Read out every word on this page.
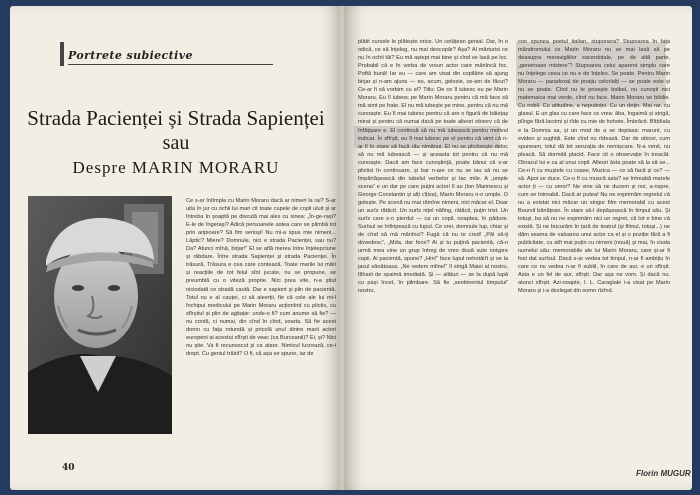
Portrete subiective
Strada Pacienței și Strada Sapienței
sau
Despre MARIN MORARU

Ce s-ar întîmpla cu Marin Moraru dacă ar nimeri la rai? S-ar uita în jur cu ochii lui mari cit toate cupele de copil uluit și ar întreba în șoaptă pe discută mai ales cu sinea: „În-ge-rași? E-le de îngerași? Adică persoanele astea care se plimbă tot prin aripioare? Să fim serioși! Nu mi-a spus mie nimeni... Lăptic? Miere? Domnule, nici e strada Pacienței, sau nu? Da? Atunci mînă, birjar!” El se află mereu între înțelepciune și răbdare. Între strada Sapienței și strada Pacienței. În trăsură. Trăsura e cea care contează. Toate marile lui mări și reacțiile de tot felul sînt jucate, nu se propune, se preumblă cu o viteză proprie. Nici prea vite, n-a știut niciodată ce stradă caută. Dar e sapiont și plin de pacientă. Totul nu e al cauței, ci să aleerții, fie că cele ale lui mi-l închipui medicului pe Marin Moraru acționînd cu plictis, cu sfîrșitul și plin de agitație: unde-o fi? cum anume să fie? — nu contă, ci numai, din cînd în cînd, soarta. Să fie acest domn cu fața rotundă și pricolă unul dintre marii actori europeni ai acestui sfîrșit de veac (ca Burceanii)? Ei, și? Nici nu știe. Va fi recunoscut și ca atare. Nimicul lucrează, ce-i drept. Cu geniul trăirii? O fi, că așa se spune, iar de

40

plătit cursele le plătește orice. Un cetățean genial. Dar, în o odică, ce să înțeleg, nu mai descopăr? Așa? Al mărturisi ce nu în ochii tăi? Eu mă aștept mai bine și cînd se lasă pe loc. Probabil că e în vorba de vreun actor care mănîncă foc. Poftă bună! Iar eu — care am visat din copilărie să ajung birjar și n-am ajuns — eu, acum, gelozie, ce-am de făcut? Ce-ar fi să vorbim cu el? Titlu: De ce îl iubesc eu pe Marin Moraru. Eu îl iubesc pe Marin Moraru pentru că mă face să mă simt pe frate. El nu mă iubește pe mine, pentru că nu mă cunoaște. Eu îl mai iubesc pentru că are o figură de băiețaș mirat și pentru că numai dacă pe toate alteori observ că de înfățișare e. El continuă să nu mă iubească pentru motivul indicat. În sfîrșit, eu îl mai iubesc pe el pentru că simt că n-ar fi în stare să facă rău nimănui. El nu se plictisește deloc să nu mă iubească — și aceasta tot pentru că nu mă cunoaște. Dacă am face cunoștință, poate bănui că s-ar plictisi în continuare, și bar n-are ce nu se iau să nu se împărtășească din tabelul verbelor și tac mile. A „umple scena” e un dar pe care puțini actori îl au (Ion Marinescu și George Constantin și alți cîțiva), Marin Moraru n-o umple. O golește. Pe scenă nu mai rămîne nimeni, nici măcar el. Doar un surîs rătăcit. Un surîs nițel nătîng, rătăcit, puțin trist. Un surîs care s-o pierdut — ca un copil, noaptea, în pădure. Surîsul se înfiripează cu lupul. Ce vrei, domnule lup, chiar și de cînd să mă mănînci? Fugă că nu te cred! „Păi să-ți dovedesc”, „Mda, dar fece? Ai și tu puțină pacientă, că-n urmă mea vine un grup întreg de vreo două sute noișpre copii. Ai pacientă, spune? „Hm!” face lupul nehotărît și se la jacul sănătoasa. „Ne vedem mîine!” îl strigă Maiei al nostru, tîlharii de spaimă imediată. Și — alături — se la după lupă cu pași încet, în pilmbare. Să fie „sentimentul timpului” nostru,

con spunea poetul italian, stuponera? Stupoarea în fața mândromului ce Marin Moraru nu se mai lasă să pe deasupra meravigliilor sacerdotale, pe de altă parte, „generoase mistere”? Stupoarea celui aparent simplu care nu înțelege ceea ce nu e de înțeles. Se poate. Pentru Marin Moraru — paradoxal de poațiu celorlalți — se poate este și nu se poate. Cînd nu te privește bolbel, nu cunoști nici matemaica mai verde, cînd nu face. Marin Moraru se bibilie. Cu nobil. Cu atitudine, a neputinței. Cu un dețin. Mai rar, cu glasul. E un glas cu care face ce vrea: ăba, îngaimă și strigă, plînge fără lacrimi și rîde cu mie de hohote. Îmbrăcit. Bîtbîiala e la Domnia sa, și un mod de a se deplasa: marunt, cu eviden și sughiții. Este cînd nu rîdează. Dar de obicei, cum spuneam, totul dă tot senzația de nemișcare. N-a venit, nu pleacă. Să dormită placid. Face cit o observație în treacăt. Obrazul lui e ca al unui copil. Alteori ăsta poate să la să se... Ce-n fi cu muștele cu coase, Muzica — ce să facă și ce? — să. Apoi se duce. Ce-o fi cu muscă asta? se întreabă marele actor ți — cu umor? Ne vine să ne ducem și noi, a-nspre, cum se întreabă. Dacă ar putea! Nu ne exprimăm regretul că nu a existat nici măcar un singur film memorabil cu acest Bourvil bănățean. În stare să-l depășească în timpul său. Și totuși, ba să nu ne exprimăm nici un regret, că tot e bine că există. Și ne bucurăm în țară de teatrul (și filmul, totuși...) ne dăm seama de valoarea unui actor ca el și o poziție fără a fi publicitate, cu atît mai puțin cu nimeni (nouă) și mai, în ciuda numelui său: memorabile ale lui Marin Moraru, care și-ar fi fost dat surîsul. Dacă s-ar vedea tot timpul, n-ar fi ambițiu în care ce nu vedea n-ar fi subtil, în care de aur, e un sfîrșit. Asta e un fel de aur, sfîrșit. Dar așa ne vom. Și dacă nu, atunci sfîrșit. Azi-noapte, I. L. Caragiale i-a visat pe Marin Moraru și i-a dezlegat din somn rîzînd.

Florin MUGUR
